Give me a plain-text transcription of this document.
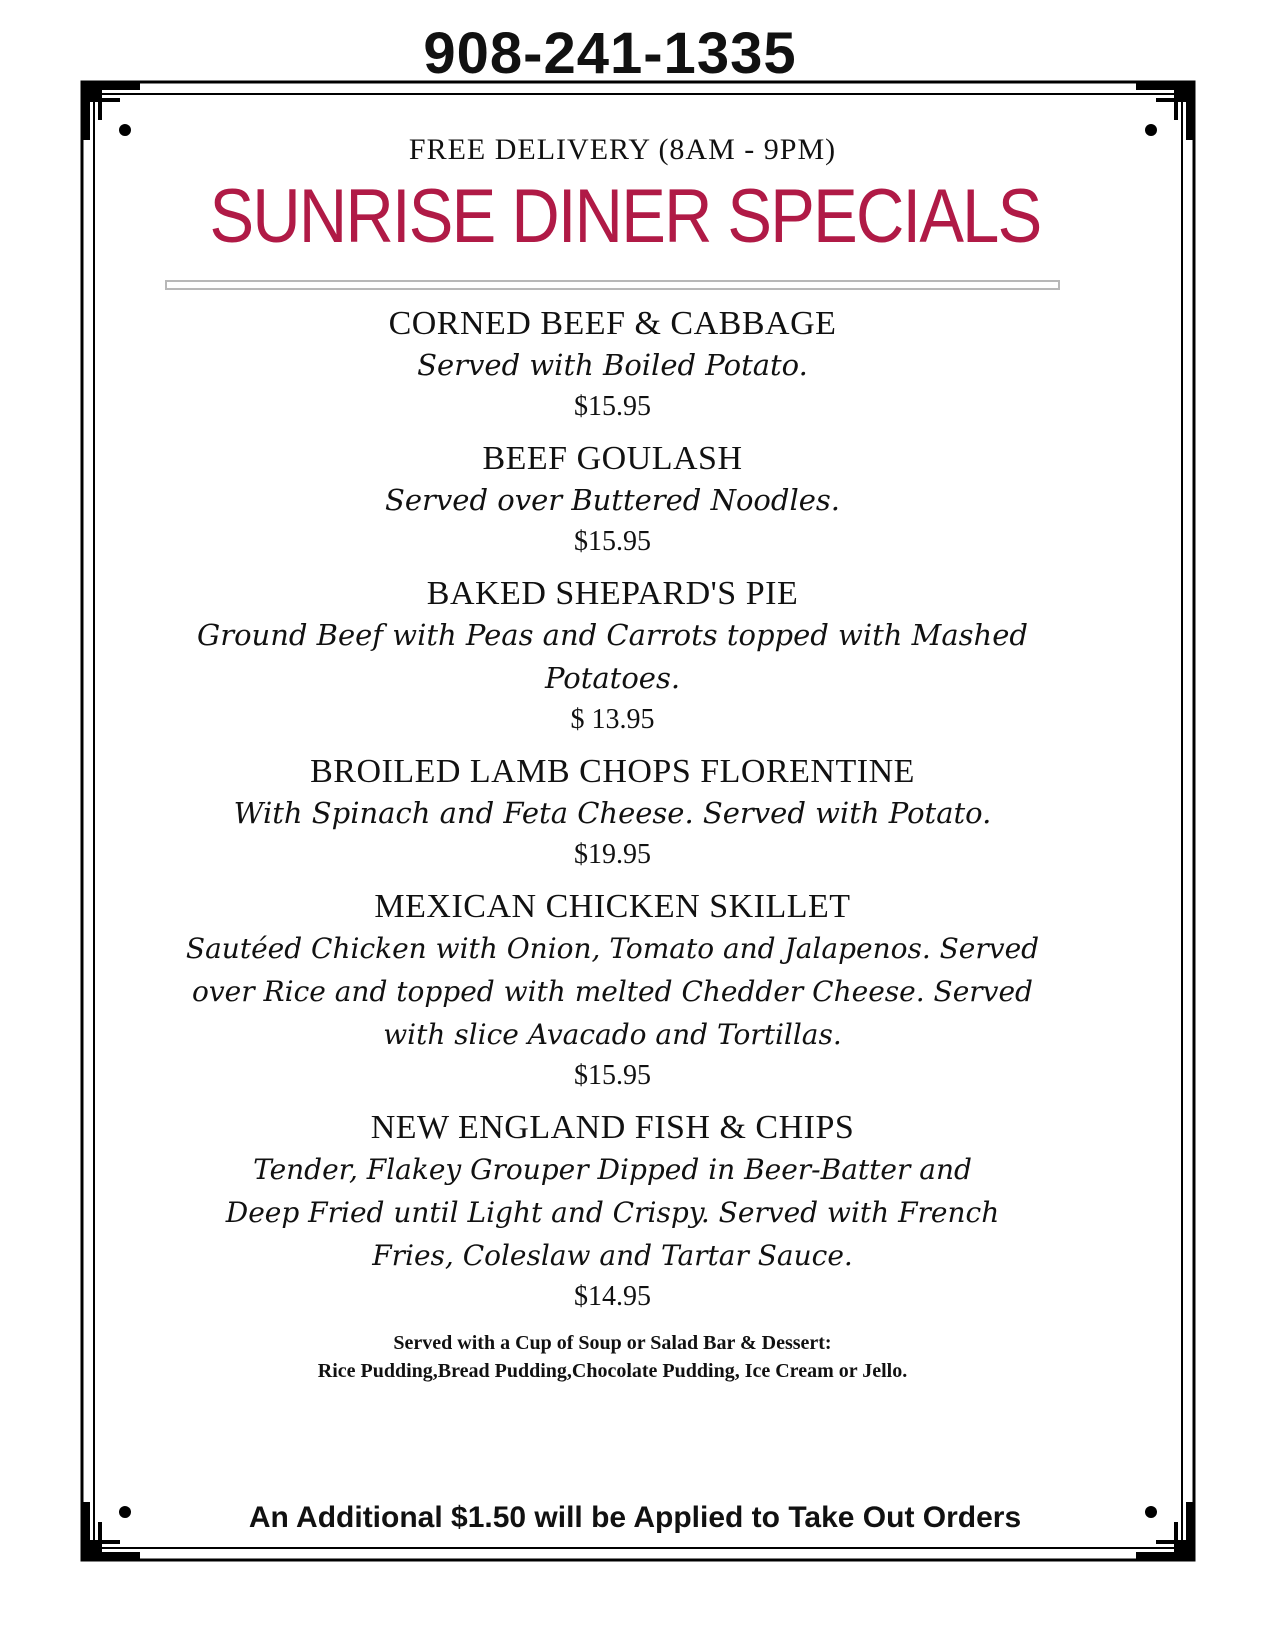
908-241-1335
FREE DELIVERY (8AM - 9PM)
SUNRISE DINER SPECIALS
CORNED BEEF & CABBAGE
Served with Boiled Potato.
$15.95
BEEF GOULASH
Served over Buttered Noodles.
$15.95
BAKED SHEPARD'S PIE
Ground Beef with Peas and Carrots topped with Mashed Potatoes.
$ 13.95
BROILED LAMB CHOPS FLORENTINE
With Spinach and Feta Cheese. Served with Potato.
$19.95
MEXICAN CHICKEN SKILLET
Sautéed Chicken with Onion, Tomato and Jalapenos. Served over Rice and topped with melted Chedder Cheese. Served with slice Avacado and Tortillas.
$15.95
NEW ENGLAND FISH & CHIPS
Tender, Flakey Grouper Dipped in Beer-Batter and Deep Fried until Light and Crispy. Served with French Fries, Coleslaw and Tartar Sauce.
$14.95
Served with a Cup of Soup or Salad Bar & Dessert:
Rice Pudding,Bread Pudding,Chocolate Pudding, Ice Cream or Jello.
An Additional $1.50 will be Applied to Take Out Orders
